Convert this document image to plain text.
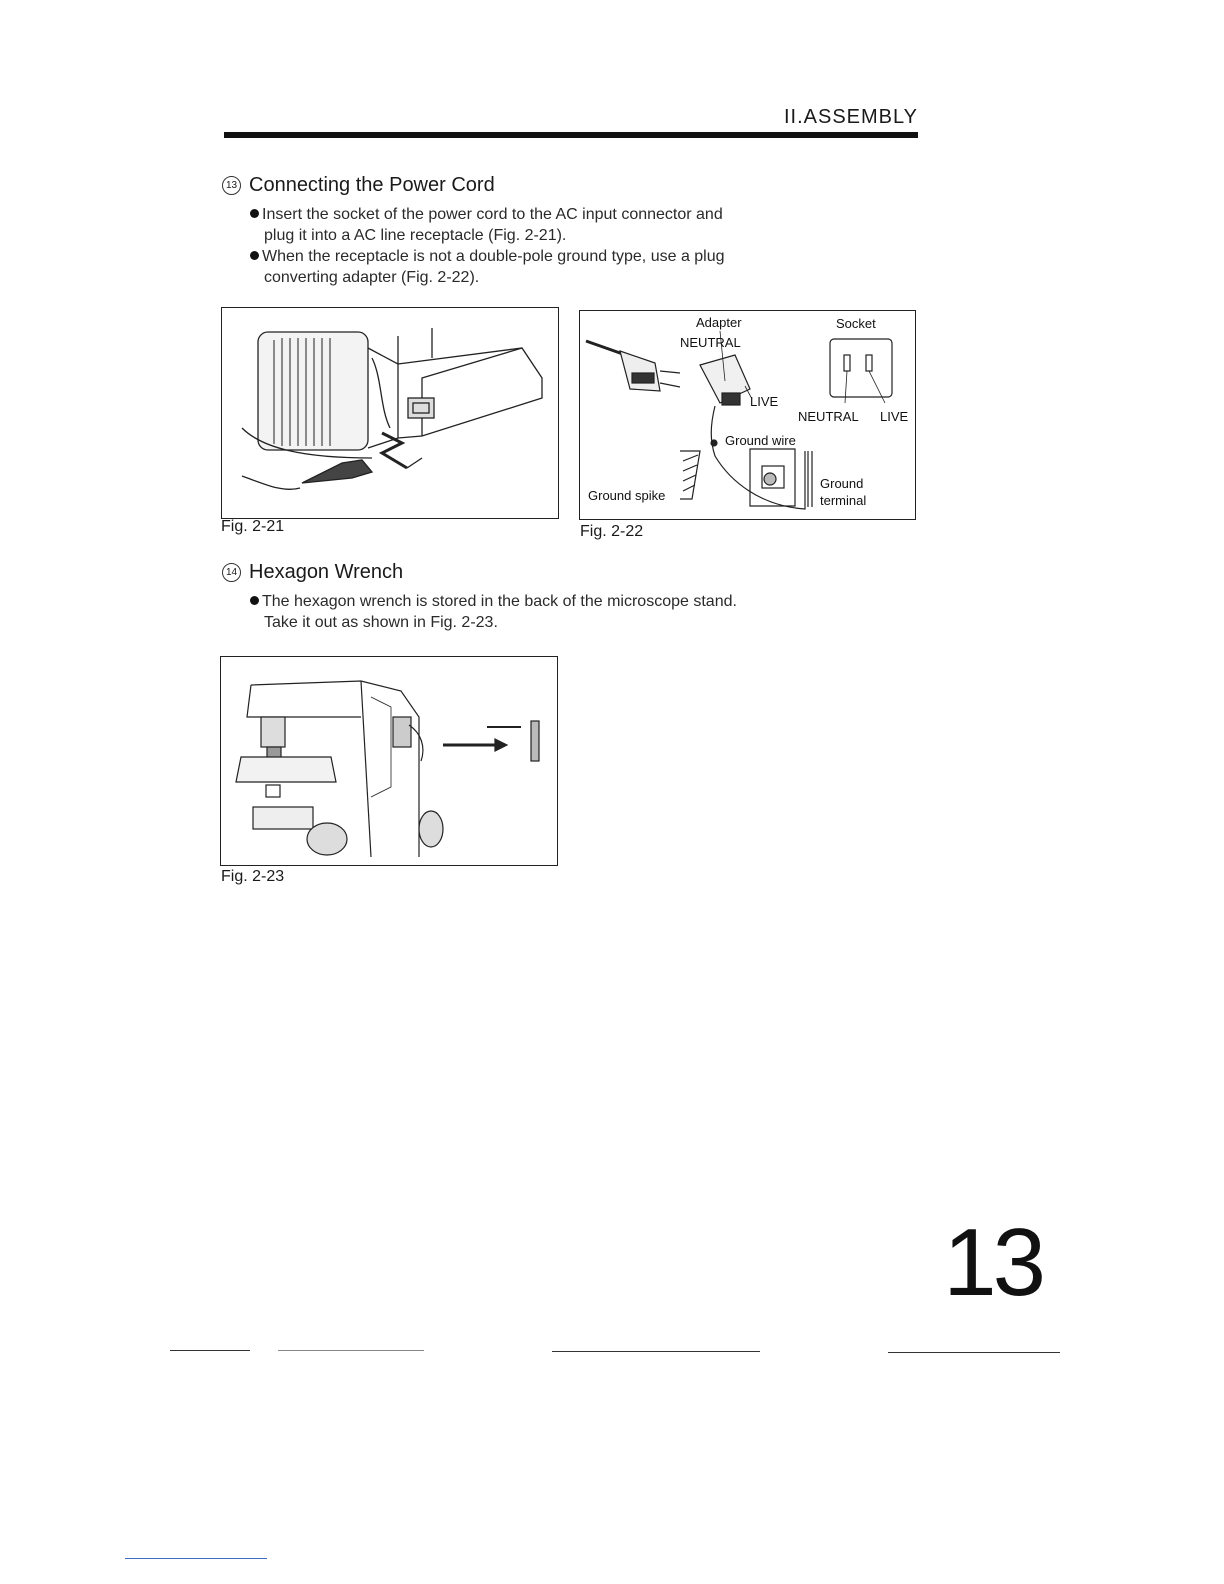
II.ASSEMBLY
13 Connecting the Power Cord
Insert the socket of the power cord to the AC input connector and
plug it into a AC line receptacle (Fig. 2-21).
When the receptacle is not a double-pole ground type, use a plug
converting adapter (Fig. 2-22).
Fig. 2-21
Adapter	Socket
NEUTRAL
LIVE
NEUTRAL LIVE
Ground wire
Ground spike
Ground
terminal
Fig. 2-22
14 Hexagon Wrench
The hexagon wrench is stored in the back of the microscope stand.
Take it out as shown in Fig. 2-23.
Fig. 2-23
13
